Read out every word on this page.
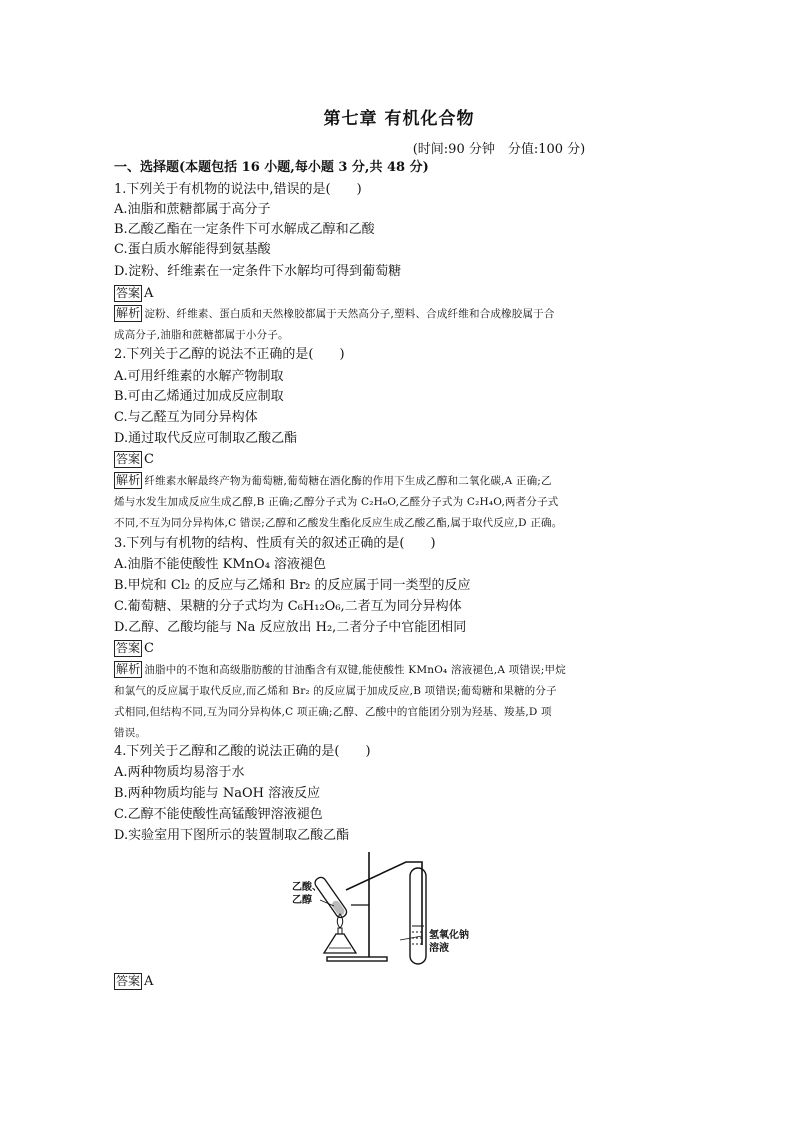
第七章 有机化合物
(时间:90 分钟　分值:100 分)
一、选择题(本题包括 16 小题,每小题 3 分,共 48 分)
1.下列关于有机物的说法中,错误的是(　　)
A.油脂和蔗糖都属于高分子
B.乙酸乙酯在一定条件下可水解成乙醇和乙酸
C.蛋白质水解能得到氨基酸
D.淀粉、纤维素在一定条件下水解均可得到葡萄糖
答案 A
解析 淀粉、纤维素、蛋白质和天然橡胶都属于天然高分子,塑料、合成纤维和合成橡胶属于合
成高分子,油脂和蔗糖都属于小分子。
2.下列关于乙醇的说法不正确的是(　　)
A.可用纤维素的水解产物制取
B.可由乙烯通过加成反应制取
C.与乙醛互为同分异构体
D.通过取代反应可制取乙酸乙酯
答案 C
解析 纤维素水解最终产物为葡萄糖,葡萄糖在酒化酶的作用下生成乙醇和二氧化碳,A 正确;乙
烯与水发生加成反应生成乙醇,B 正确;乙醇分子式为 C₂H₆O,乙醛分子式为 C₂H₄O,两者分子式
不同,不互为同分异构体,C 错误;乙醇和乙酸发生酯化反应生成乙酸乙酯,属于取代反应,D 正确。
3.下列与有机物的结构、性质有关的叙述正确的是(　　)
A.油脂不能使酸性 KMnO₄ 溶液褪色
B.甲烷和 Cl₂ 的反应与乙烯和 Br₂ 的反应属于同一类型的反应
C.葡萄糖、果糖的分子式均为 C₆H₁₂O₆,二者互为同分异构体
D.乙醇、乙酸均能与 Na 反应放出 H₂,二者分子中官能团相同
答案 C
解析 油脂中的不饱和高级脂肪酸的甘油酯含有双键,能使酸性 KMnO₄ 溶液褪色,A 项错误;甲烷
和氯气的反应属于取代反应,而乙烯和 Br₂ 的反应属于加成反应,B 项错误;葡萄糖和果糖的分子
式相同,但结构不同,互为同分异构体,C 项正确;乙醇、乙酸中的官能团分别为羟基、羧基,D 项
错误。
4.下列关于乙醇和乙酸的说法正确的是(　　)
A.两种物质均易溶于水
B.两种物质均能与 NaOH 溶液反应
C.乙醇不能使酸性高锰酸钾溶液褪色
D.实验室用下图所示的装置制取乙酸乙酯
乙酸、
乙醇
氢氧化钠
溶液
答案 A
